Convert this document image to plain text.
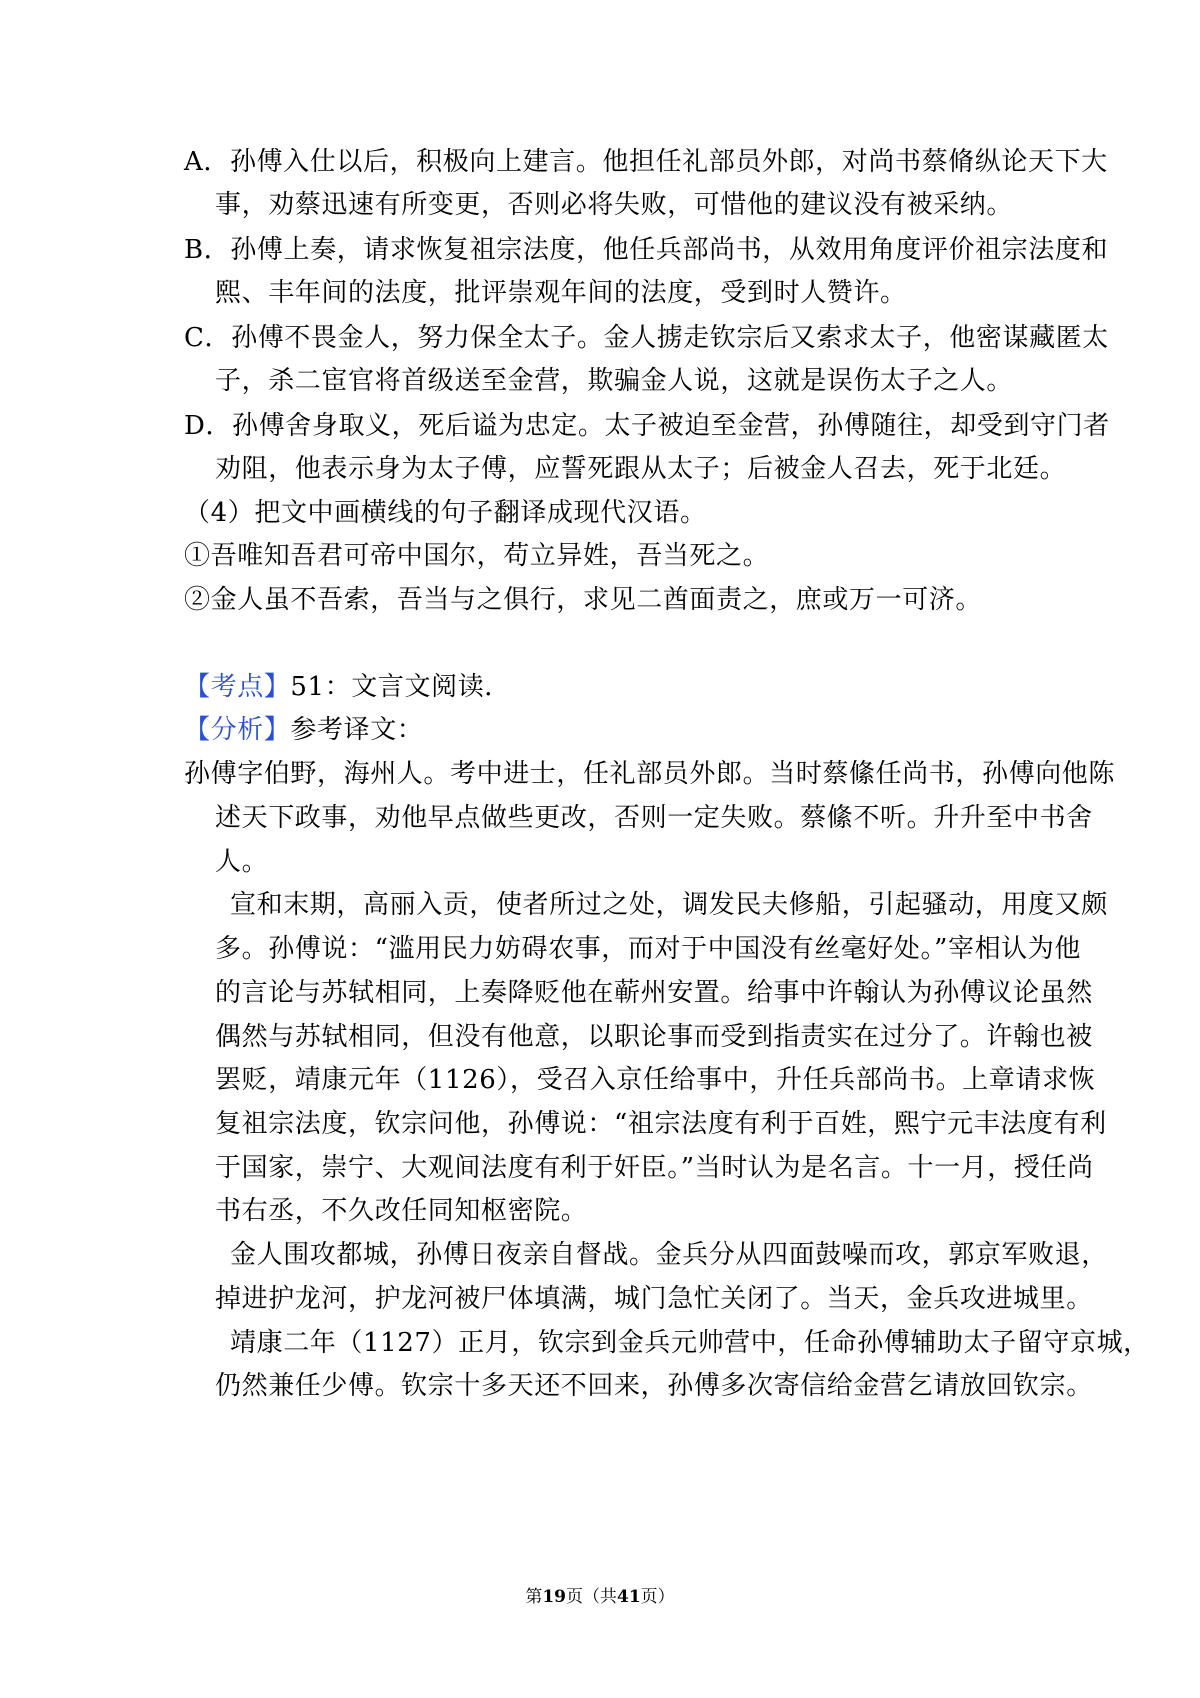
A．孙傅入仕以后，积极向上建言。他担任礼部员外郎，对尚书蔡脩纵论天下大
事，劝蔡迅速有所变更，否则必将失败，可惜他的建议没有被采纳。
B．孙傅上奏，请求恢复祖宗法度，他任兵部尚书，从效用角度评价祖宗法度和
熙、丰年间的法度，批评崇观年间的法度，受到时人赞许。
C．孙傅不畏金人，努力保全太子。金人掳走钦宗后又索求太子，他密谋藏匿太
子，杀二宦官将首级送至金营，欺骗金人说，这就是误伤太子之人。
D．孙傅舍身取义，死后谥为忠定。太子被迫至金营，孙傅随往，却受到守门者
劝阻，他表示身为太子傅，应誓死跟从太子；后被金人召去，死于北廷。
（4）把文中画横线的句子翻译成现代汉语。
①吾唯知吾君可帝中国尔，苟立异姓，吾当死之。
②金人虽不吾索，吾当与之俱行，求见二酋面责之，庶或万一可济。
【考点】51：文言文阅读．
【分析】参考译文：
孙傅字伯野，海州人。考中进士，任礼部员外郎。当时蔡絛任尚书，孙傅向他陈
述天下政事，劝他早点做些更改，否则一定失败。蔡絛不听。升升至中书舍
人。
宣和末期，高丽入贡，使者所过之处，调发民夫修船，引起骚动，用度又颇
多。孙傅说：“滥用民力妨碍农事，而对于中国没有丝毫好处。”宰相认为他
的言论与苏轼相同，上奏降贬他在蕲州安置。给事中许翰认为孙傅议论虽然
偶然与苏轼相同，但没有他意，以职论事而受到指责实在过分了。许翰也被
罢贬，靖康元年（1126），受召入京任给事中，升任兵部尚书。上章请求恢
复祖宗法度，钦宗问他，孙傅说：“祖宗法度有利于百姓，熙宁元丰法度有利
于国家，崇宁、大观间法度有利于奸臣。”当时认为是名言。十一月，授任尚
书右丞，不久改任同知枢密院。
金人围攻都城，孙傅日夜亲自督战。金兵分从四面鼓噪而攻，郭京军败退，
掉进护龙河，护龙河被尸体填满，城门急忙关闭了。当天，金兵攻进城里。
靖康二年（1127）正月，钦宗到金兵元帅营中，任命孙傅辅助太子留守京城，
仍然兼任少傅。钦宗十多天还不回来，孙傅多次寄信给金营乞请放回钦宗。
第19页（共41页）
